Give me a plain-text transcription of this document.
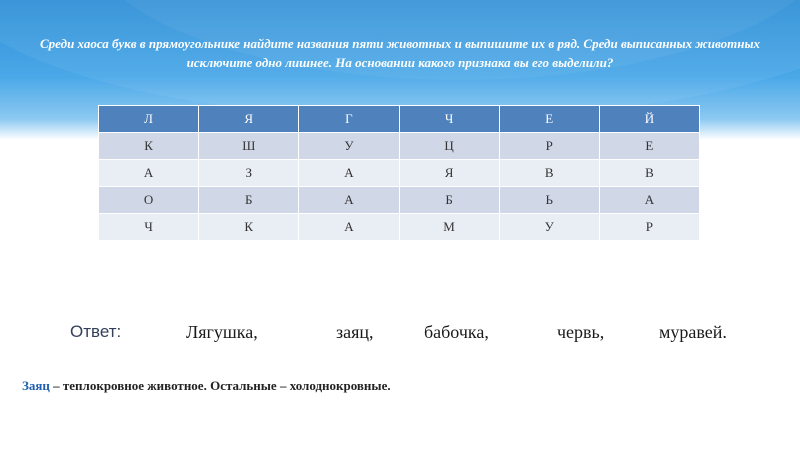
Среди хаоса букв в прямоугольнике найдите названия пяти животных и выпишите их в ряд. Среди выписанных животных исключите одно лишнее. На основании какого признака вы его выделили?
Л	Я	Г	Ч	Е	Й
К	Ш	У	Ц	Р	Е
А	З	А	Я	В	В
О	Б	А	Б	Ь	А
Ч	К	А	М	У	Р
Ответ:	Лягушка,	заяц,	бабочка,	червь,	муравей.
Заяц – теплокровное животное. Остальные – холоднокровные.
